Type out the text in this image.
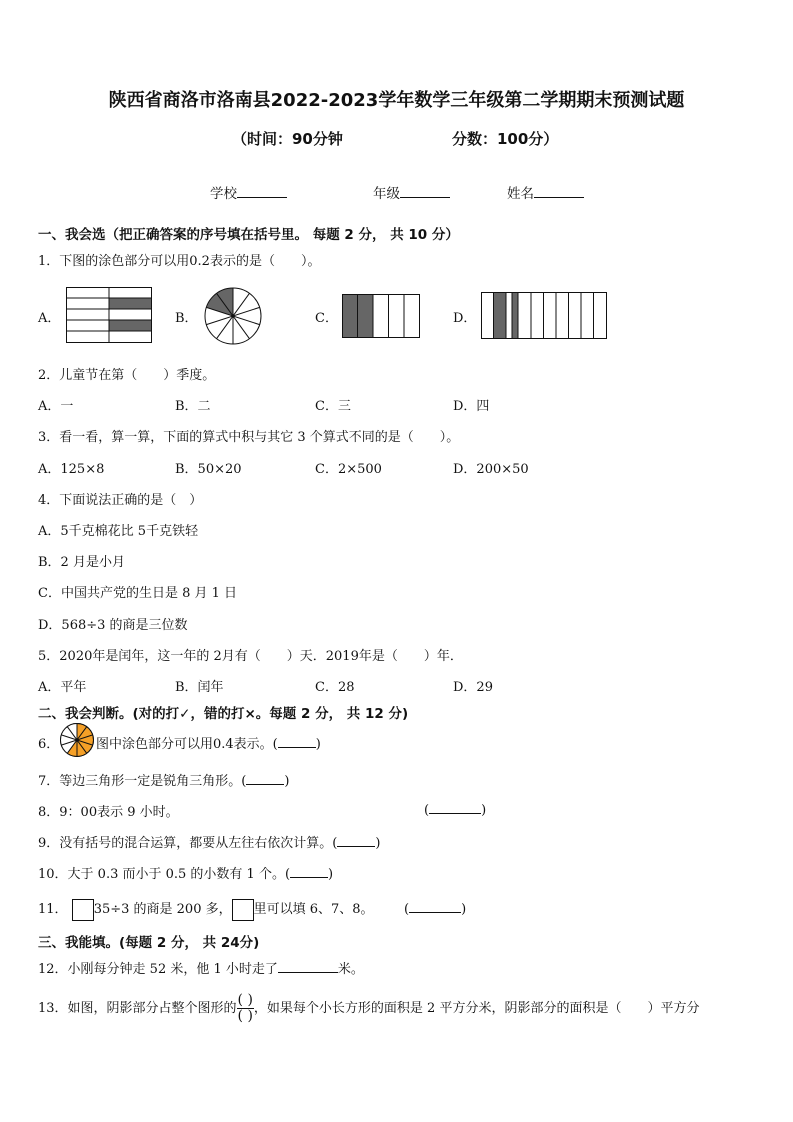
陕西省商洛市洛南县2022-2023学年数学三年级第二学期期末预测试题
（时间：90分钟	分数：100分）
学校	年级	姓名
一、我会选（把正确答案的序号填在括号里。 每题 2 分， 共 10 分）
1．下图的涂色部分可以用0.2表示的是（　　）。
A．	B．	C．	D．
2．儿童节在第（　　）季度。
A．一	B．二	C．三	D．四
3．看一看，算一算，下面的算式中积与其它 3 个算式不同的是（　　）。
A．125×8	B．50×20	C．2×500	D．200×50
4．下面说法正确的是（　）
A．5千克棉花比 5千克铁轻
B．2 月是小月
C．中国共产党的生日是 8 月 1 日
D．568÷3 的商是三位数
5．2020年是闰年，这一年的 2月有（　　）天．2019年是（　　）年．
A．平年	B．闰年	C．28	D．29
二、我会判断。(对的打✓，错的打×。每题 2 分， 共 12 分)
6．	图中涂色部分可以用0.4表示。(	)
7．等边三角形一定是锐角三角形。(	)
8．9：00表示 9 小时。	(	)
9．没有括号的混合运算，都要从左往右依次计算。(	)
10．大于 0.3 而小于 0.5 的小数有 1 个。(	)
11． 35÷3 的商是 200 多， 里可以填 6、7、8。 (	)
三、我能填。(每题 2 分， 共 24分)
12．小刚每分钟走 52 米，他 1 小时走了	米。
13．如图，阴影部分占整个图形的 $\frac{( )}{( )}$ ，如果每个小长方形的面积是 2 平方分米，阴影部分的面积是（　　）平方分
